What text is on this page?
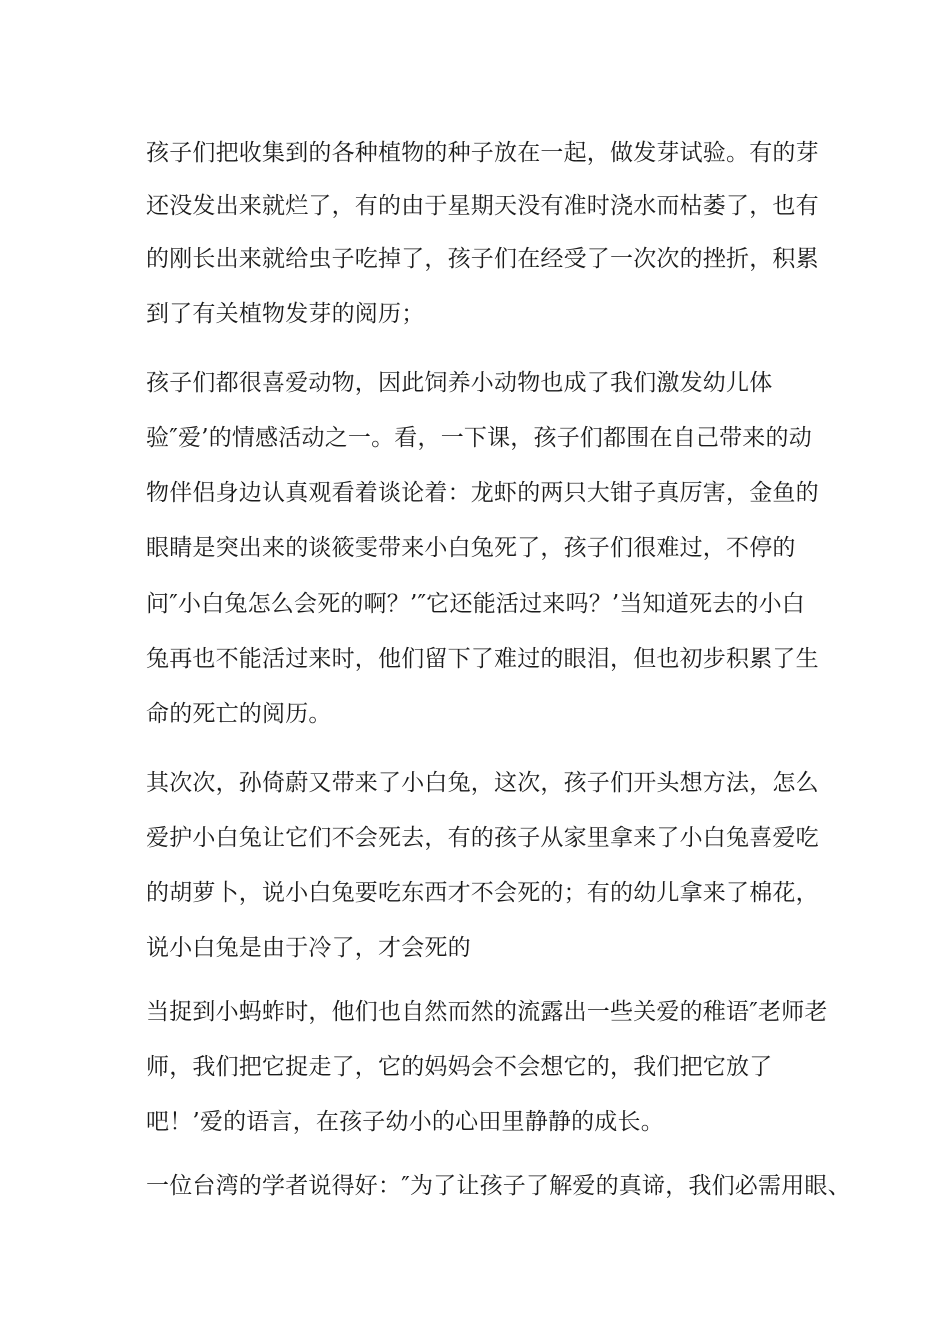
孩子们把收集到的各种植物的种子放在一起，做发芽试验。有的芽
还没发出来就烂了，有的由于星期天没有准时浇水而枯萎了，也有
的刚长出来就给虫子吃掉了，孩子们在经受了一次次的挫折，积累
到了有关植物发芽的阅历；
孩子们都很喜爱动物，因此饲养小动物也成了我们激发幼儿体
验″爱’的情感活动之一。看，一下课，孩子们都围在自己带来的动
物伴侣身边认真观看着谈论着：龙虾的两只大钳子真厉害，金鱼的
眼睛是突出来的谈筱雯带来小白兔死了，孩子们很难过，不停的
问″小白兔怎么会死的啊？’″它还能活过来吗？’当知道死去的小白
兔再也不能活过来时，他们留下了难过的眼泪，但也初步积累了生
命的死亡的阅历。
其次次，孙倚蔚又带来了小白兔，这次，孩子们开头想方法，怎么
爱护小白兔让它们不会死去，有的孩子从家里拿来了小白兔喜爱吃
的胡萝卜，说小白兔要吃东西才不会死的；有的幼儿拿来了棉花，
说小白兔是由于冷了，才会死的
当捉到小蚂蚱时，他们也自然而然的流露出一些关爱的稚语″老师老
师，我们把它捉走了，它的妈妈会不会想它的，我们把它放了
吧！’爱的语言，在孩子幼小的心田里静静的成长。
一位台湾的学者说得好：″为了让孩子了解爱的真谛，我们必需用眼、
